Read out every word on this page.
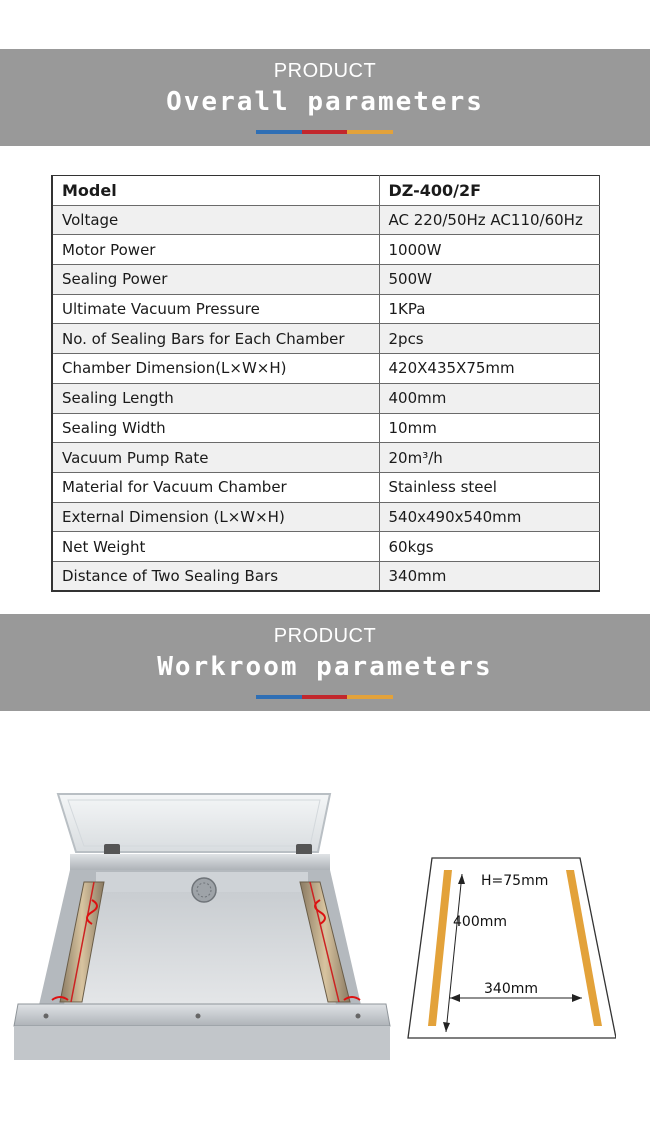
PRODUCT
Overall parameters
Model	DZ-400/2F
Voltage	AC 220/50Hz AC110/60Hz
Motor Power	1000W
Sealing Power	500W
Ultimate Vacuum Pressure	1KPa
No. of Sealing Bars for Each Chamber	2pcs
Chamber Dimension(L×W×H)	420X435X75mm
Sealing Length	400mm
Sealing Width	10mm
Vacuum Pump Rate	20m³/h
Material for Vacuum Chamber	Stainless steel
External Dimension (L×W×H)	540x490x540mm
Net Weight	60kgs
Distance of Two Sealing Bars	340mm
PRODUCT
Workroom parameters
H=75mm
400mm
340mm
